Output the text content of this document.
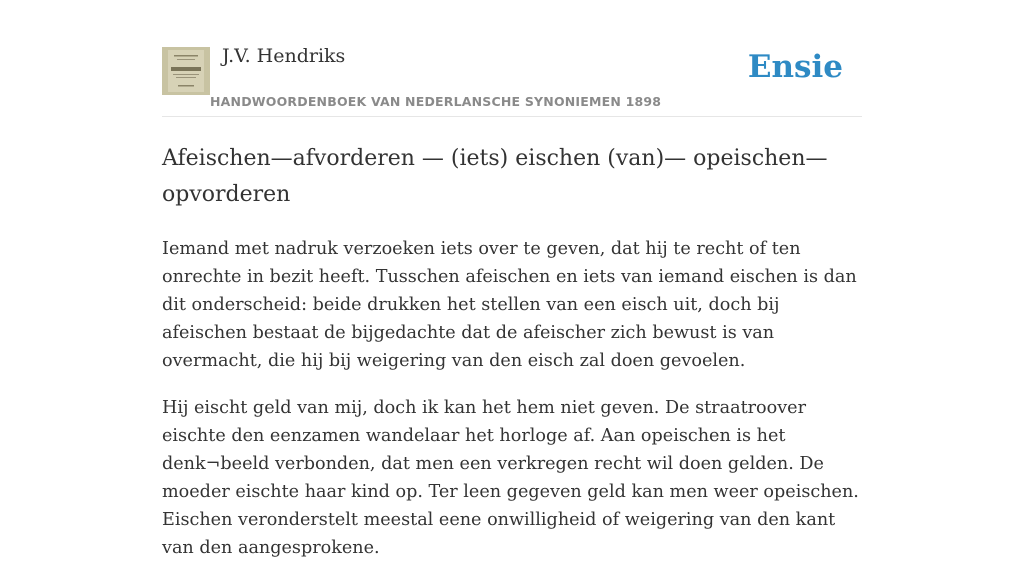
J.V. Hendriks
HANDWOORDENBOEK VAN NEDERLANSCHE SYNONIEMEN 1898
Ensie
Afeischen—afvorderen — (iets) eischen (van)— opeischen—opvorderen

Iemand met nadruk verzoeken iets over te geven, dat hij te recht of ten onrechte in bezit heeft. Tusschen afeischen en iets van iemand eischen is dan dit onderscheid: beide drukken het stellen van een eisch uit, doch bij afeischen bestaat de bijgedachte dat de afeischer zich bewust is van overmacht, die hij bij weigering van den eisch zal doen gevoelen.

Hij eischt geld van mij, doch ik kan het hem niet geven. De straatroover eischte den eenzamen wandelaar het horloge af. Aan opeischen is het denk¬beeld verbonden, dat men een verkregen recht wil doen gelden. De moeder eischte haar kind op. Ter leen gegeven geld kan men weer opeischen. Eischen veronderstelt meestal eene onwilligheid of weigering van den kant van den aangesprokene.
